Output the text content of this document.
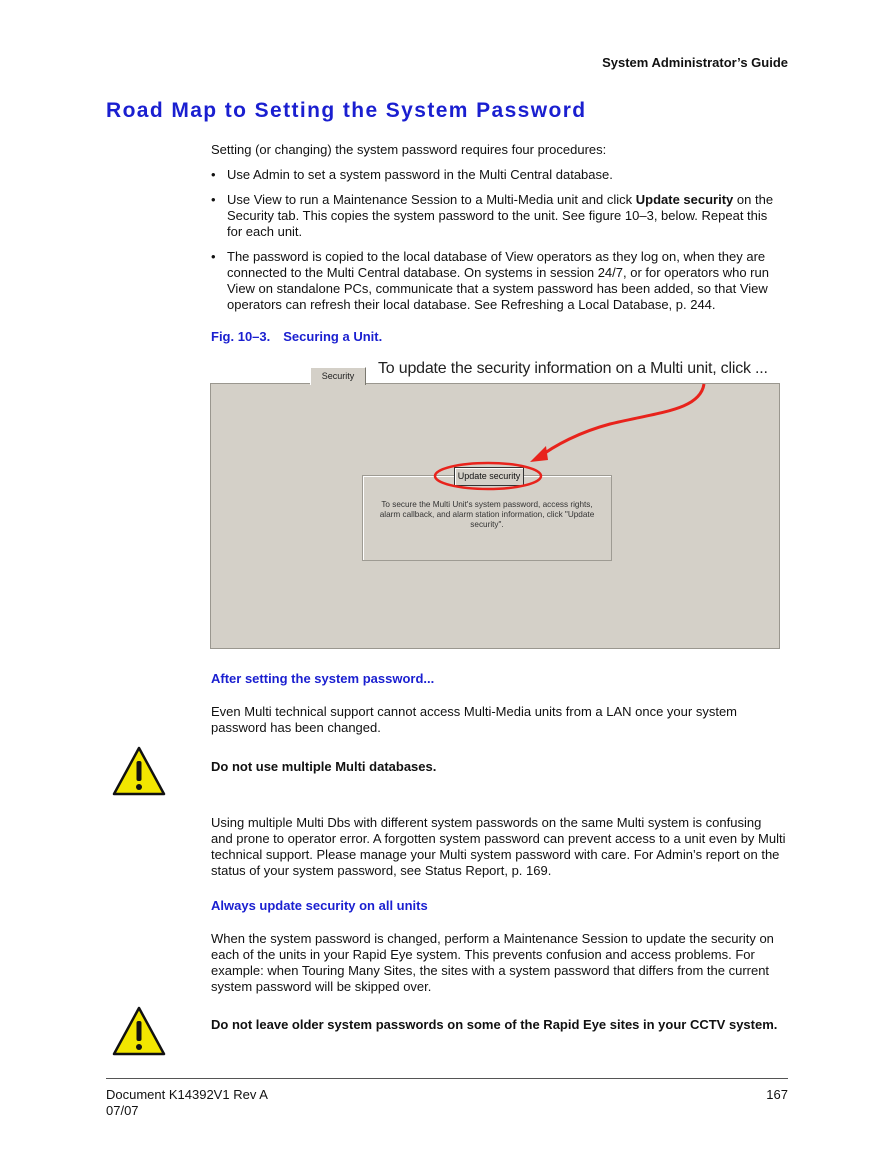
System Administrator’s Guide
Road Map to Setting the System Password
Setting (or changing) the system password requires four procedures:
• Use Admin to set a system password in the Multi Central database.
• Use View to run a Maintenance Session to a Multi-Media unit and click Update security on the Security tab. This copies the system password to the unit. See figure 10–3, below. Repeat this for each unit.
• The password is copied to the local database of View operators as they log on, when they are connected to the Multi Central database. On systems in session 24/7, or for operators who run View on standalone PCs, communicate that a system password has been added, so that View operators can refresh their local database. See Refreshing a Local Database, p. 244.
Fig. 10–3. Securing a Unit.
Security	To update the security information on a Multi unit, click ...
Update security
To secure the Multi Unit's system password, access rights, alarm callback, and alarm station information, click "Update security".
After setting the system password...
Even Multi technical support cannot access Multi-Media units from a LAN once your system password has been changed.
Do not use multiple Multi databases.
Using multiple Multi Dbs with different system passwords on the same Multi system is confusing and prone to operator error. A forgotten system password can prevent access to a unit even by Multi technical support. Please manage your Multi system password with care. For Admin’s report on the status of your system password, see Status Report, p. 169.
Always update security on all units
When the system password is changed, perform a Maintenance Session to update the security on each of the units in your Rapid Eye system. This prevents confusion and access problems. For example: when Touring Many Sites, the sites with a system password that differs from the current system password will be skipped over.
Do not leave older system passwords on some of the Rapid Eye sites in your CCTV system.
Document K14392V1 Rev A
07/07
167
